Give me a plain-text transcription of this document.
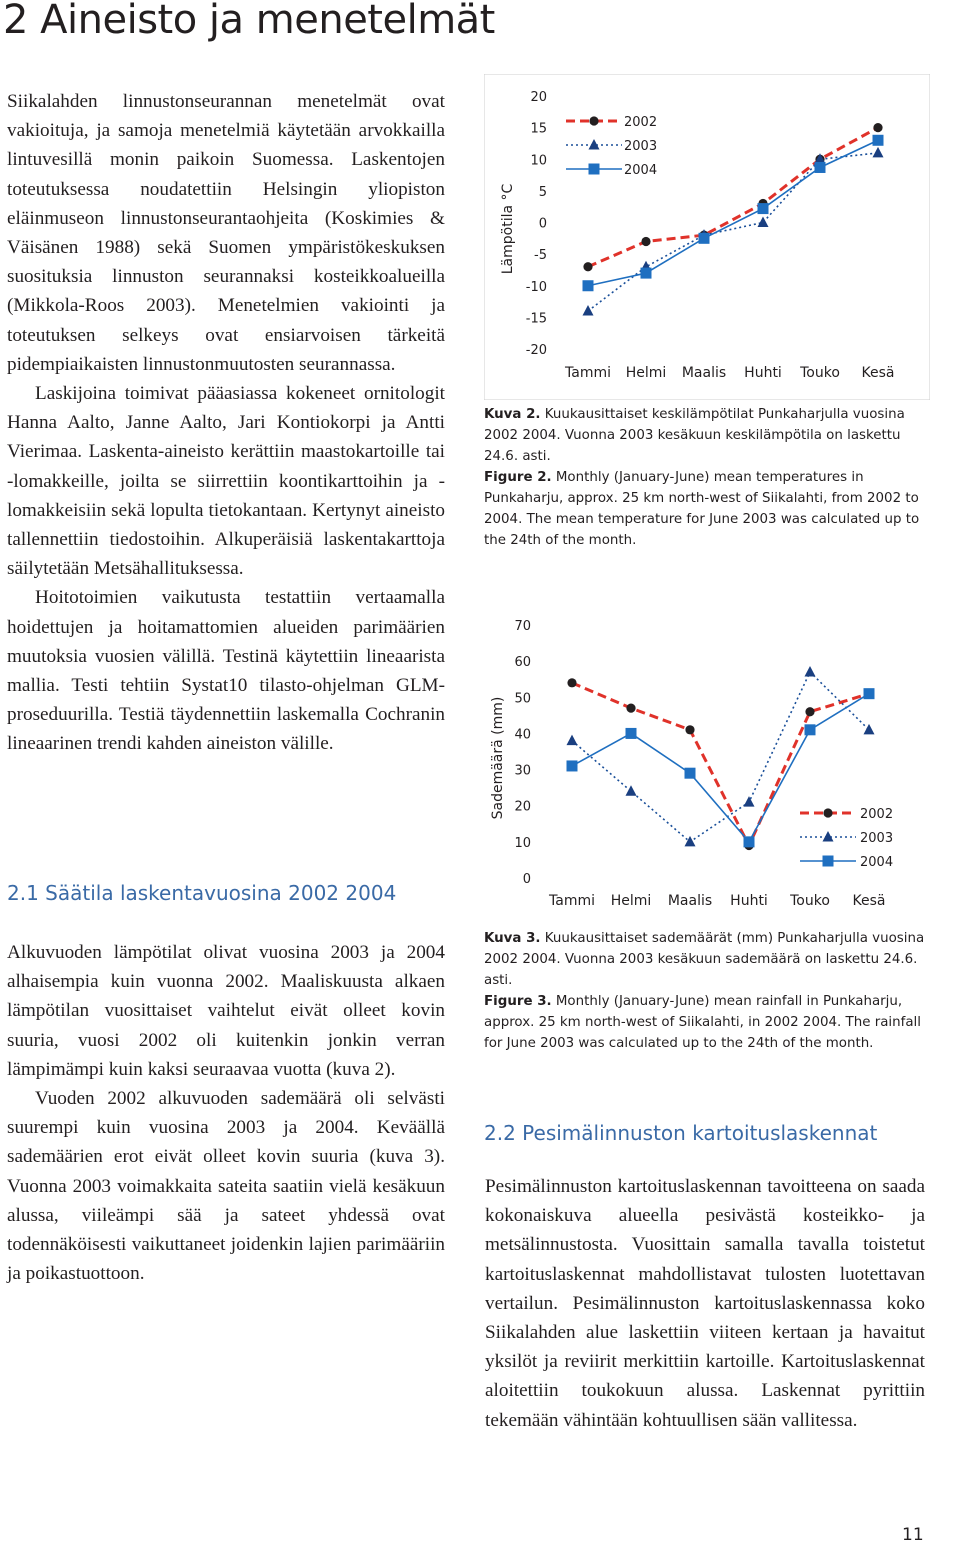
2 Aineisto ja menetelmät

Siikalahden linnustonseurannan menetelmät ovat vakioituja, ja samoja menetelmiä käytetään arvokkailla lintuvesillä monin paikoin Suomessa. Laskentojen toteutuksessa noudatettiin Helsingin yliopiston eläinmuseon linnustonseurantaohjeita (Koskimies & Väisänen 1988) sekä Suomen ympäristökeskuksen suosituksia linnuston seurannaksi kosteikkoalueilla (Mikkola-Roos 2003). Menetelmien vakiointi ja toteutuksen selkeys ovat ensiarvoisen tärkeitä pidempiaikaisten linnustonmuutosten seurannassa.

Laskijoina toimivat pääasiassa kokeneet ornitologit Hanna Aalto, Janne Aalto, Jari Kontiokorpi ja Antti Vierimaa. Laskenta-aineisto kerättiin maastokartoille tai -lomakkeille, joilta se siirrettiin koontikarttoihin ja -lomakkeisiin sekä lopulta tietokantaan. Kertynyt aineisto tallennettiin tiedostoihin. Alkuperäisiä laskentakarttoja säilytetään Metsähallituksessa.

Hoitotoimien vaikutusta testattiin vertaamalla hoidettujen ja hoitamattomien alueiden parimäärien muutoksia vuosien välillä. Testinä käytettiin lineaarista mallia. Testi tehtiin Systat10 tilasto-ohjelman GLM-proseduurilla. Testiä täydennettiin laskemalla Cochranin lineaarinen trendi kahden aineiston välille.

2.1 Säätila laskentavuosina 2002 2004

Alkuvuoden lämpötilat olivat vuosina 2003 ja 2004 alhaisempia kuin vuonna 2002. Maaliskuusta alkaen lämpötilan vuosittaiset vaihtelut eivät olleet kovin suuria, vuosi 2002 oli kuitenkin jonkin verran lämpimämpi kuin kaksi seuraavaa vuotta (kuva 2).

Vuoden 2002 alkuvuoden sademäärä oli selvästi suurempi kuin vuosina 2003 ja 2004. Keväällä sademäärien erot eivät olleet kovin suuria (kuva 3). Vuonna 2003 voimakkaita sateita saatiin vielä kesäkuun alussa, viileämpi sää ja sateet yhdessä ovat todennäköisesti vaikuttaneet joidenkin lajien parimääriin ja poikastuottoon.

20
15
10
5
0
-5
-10
-15
-20
Tammi Helmi Maalis Huhti Touko Kesä
Lämpötila °C
2002
2003
2004

Kuva 2. Kuukausittaiset keskilämpötilat Punkaharjulla vuosina 2002 2004. Vuonna 2003 kesäkuun keskilämpötila on laskettu 24.6. asti.

Figure 2. Monthly (January-June) mean temperatures in Punkaharju, approx. 25 km north-west of Siikalahti, from 2002 to 2004. The mean temperature for June 2003 was calculated up to the 24th of the month.

70
60
50
40
30
20
10
0
Tammi Helmi Maalis Huhti Touko Kesä
Sademäärä (mm)	2002
2003
2004

Kuva 3. Kuukausittaiset sademäärät (mm) Punkaharjulla vuosina 2002 2004. Vuonna 2003 kesäkuun sademäärä on laskettu 24.6. asti.

Figure 3. Monthly (January-June) mean rainfall in Punkaharju, approx. 25 km north-west of Siikalahti, in 2002 2004. The rainfall for June 2003 was calculated up to the 24th of the month.

2.2 Pesimälinnuston kartoituslaskennat

Pesimälinnuston kartoituslaskennan tavoitteena on saada kokonaiskuva alueella pesivästä kosteikko- ja metsälinnustosta. Vuosittain samalla tavalla toistetut kartoituslaskennat mahdollistavat tulosten luotettavan vertailun. Pesimälinnuston kartoituslaskennassa koko Siikalahden alue laskettiin viiteen kertaan ja havaitut yksilöt ja reviirit merkittiin kartoille. Kartoituslaskennat aloitettiin toukokuun alussa. Laskennat pyrittiin tekemään vähintään kohtuullisen sään vallitessa.

11
